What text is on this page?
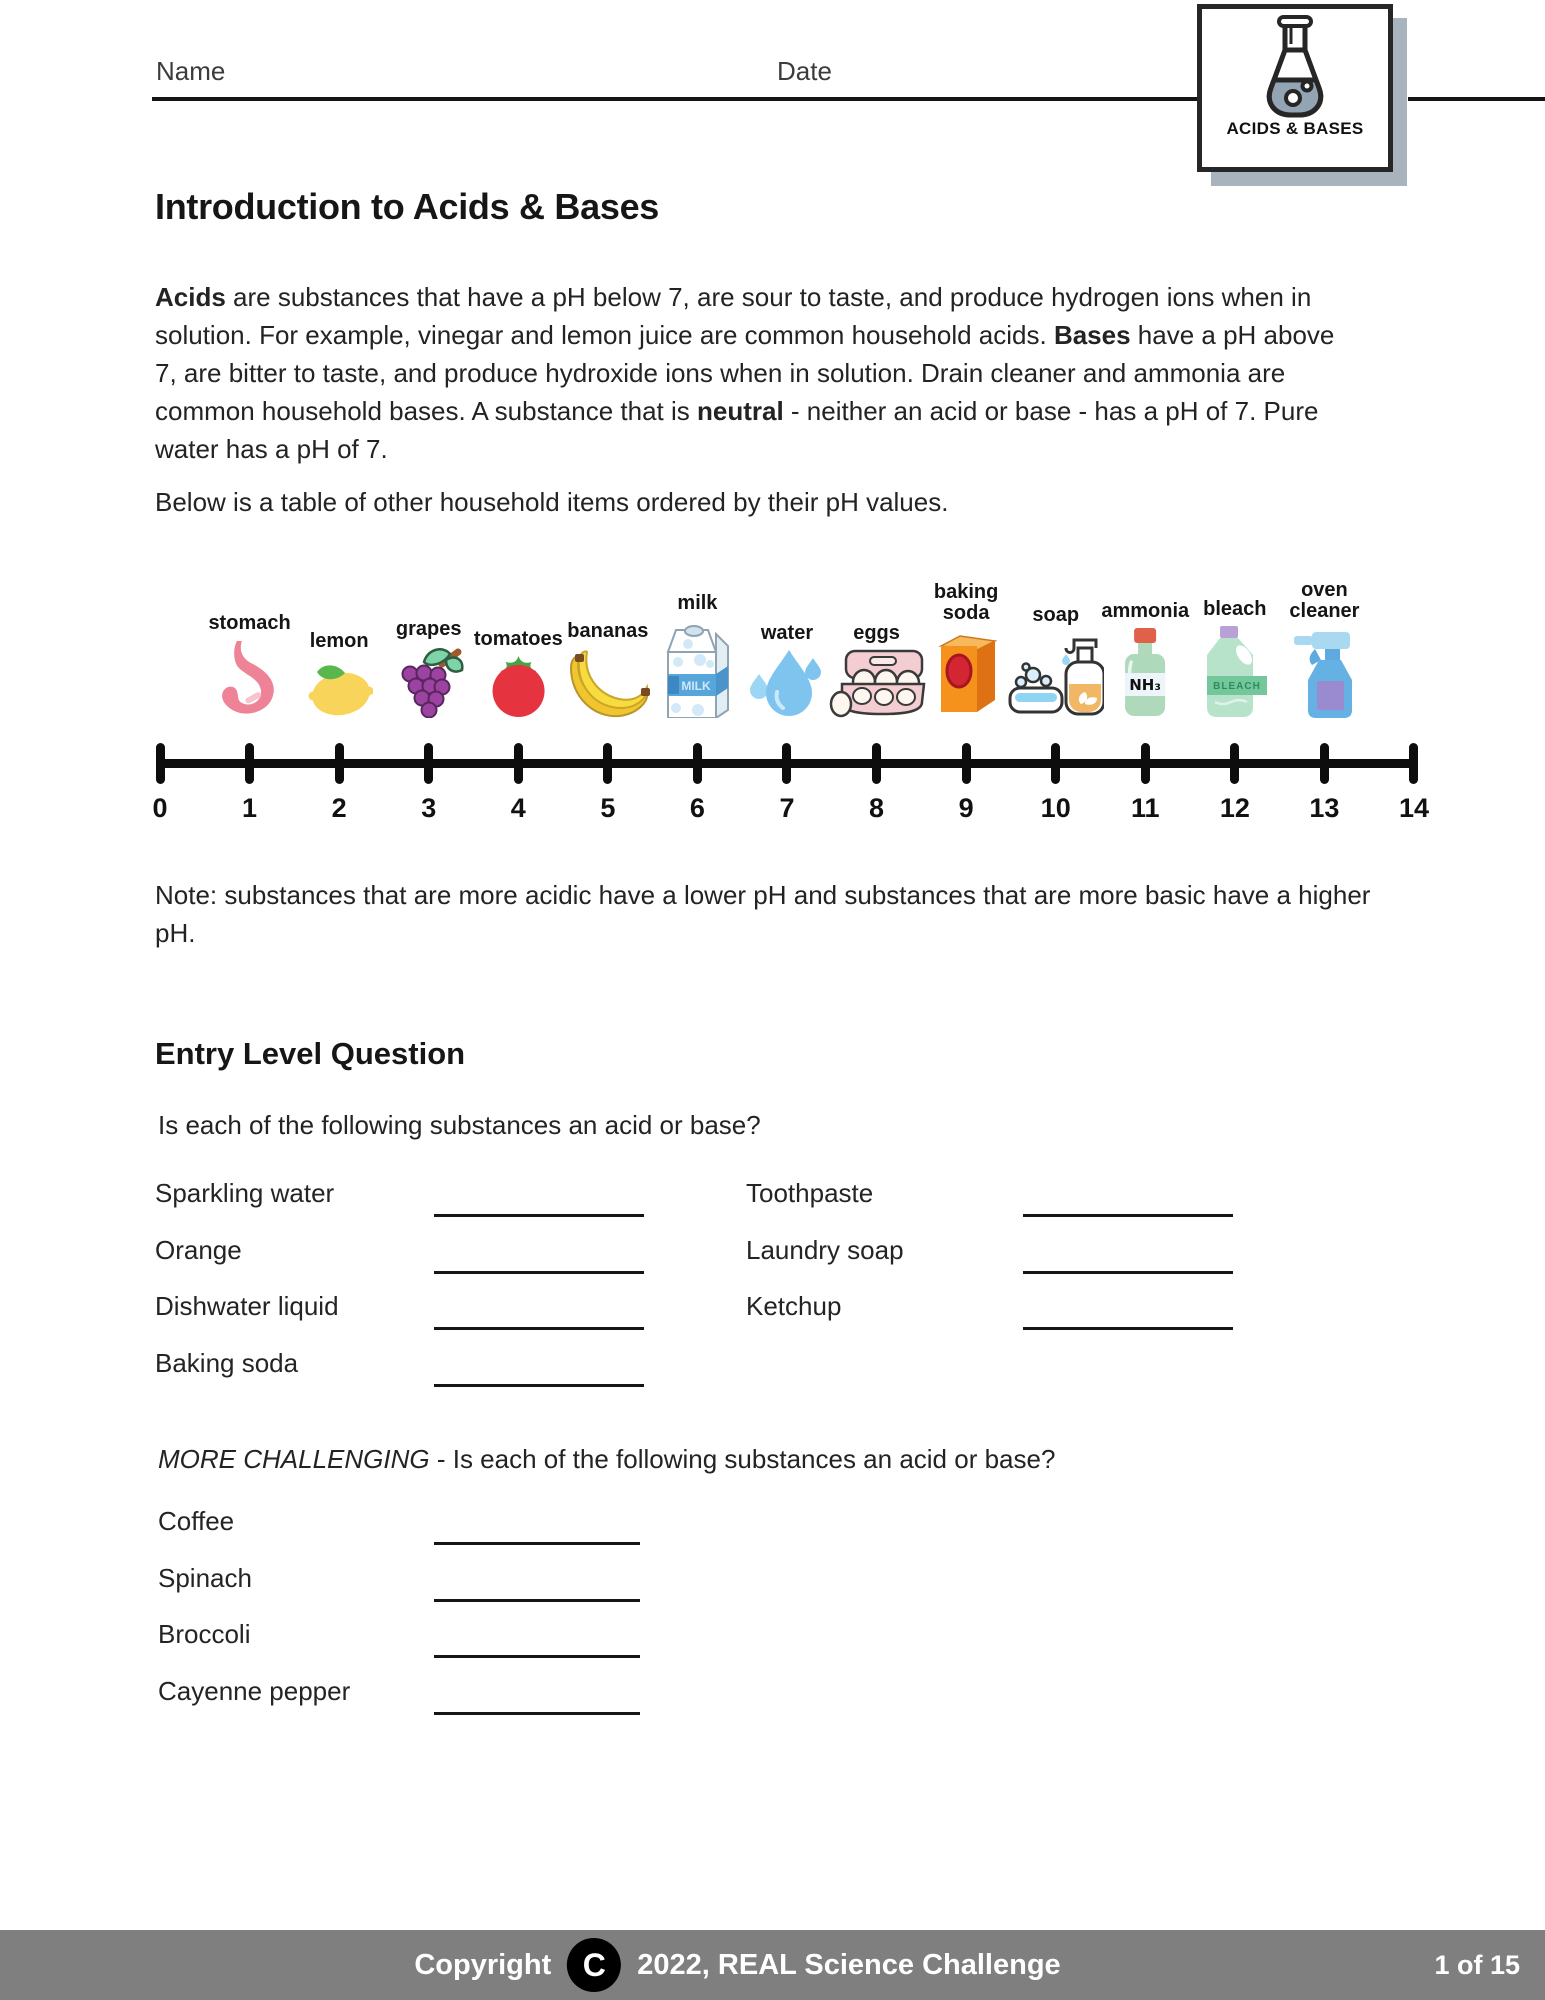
Name	Date
ACIDS & BASES
Introduction to Acids & Bases

Acids are substances that have a pH below 7, are sour to taste, and produce hydrogen ions when in solution. For example, vinegar and lemon juice are common household acids. Bases have a pH above 7, are bitter to taste, and produce hydroxide ions when in solution. Drain cleaner and ammonia are common household bases. A substance that is neutral - neither an acid or base - has a pH of 7. Pure water has a pH of 7.

Below is a table of other household items ordered by their pH values.

0	1	2	3	4	5	6	7	8	9	10	11	12	13	14
stomach
lemon
grapes tomatoes bananas
milk
MILK
water eggs
baking soda	soap ammonia
NH₃
bleach
BLEACH
oven cleaner

Note: substances that are more acidic have a lower pH and substances that are more basic have a higher pH.

Entry Level Question
Is each of the following substances an acid or base?
Sparkling water
Orange
Dishwater liquid
Baking soda
Toothpaste
Laundry soap
Ketchup
MORE CHALLENGING - Is each of the following substances an acid or base?
Coffee
Spinach
Broccoli
Cayenne pepper
Copyright C	2022, REAL Science Challenge	1 of 15
